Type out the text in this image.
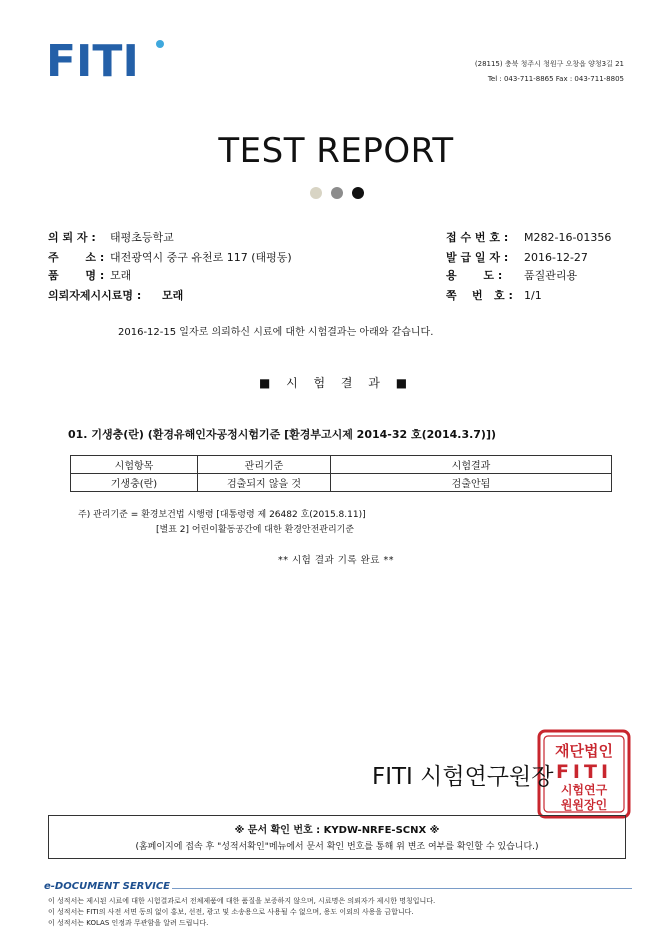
FITI	(28115) 충북 청주시 청원구 오창읍 양청3길 21
Tel : 043-711-8865 Fax : 043-711-8805
TEST REPORT
의 뢰 자 : 태평초등학교
주       소 : 대전광역시 중구 유천로 117 (태평동)
품       명 : 모래
의뢰자제시시료명 : 모래
접 수 번 호 : M282-16-01356
발 급 일 자 : 2016-12-27
용       도 : 품질관리용
쪽    번   호 : 1/1
2016-12-15 일자로 의뢰하신 시료에 대한 시험결과는 아래와 같습니다.
■ 시 험 결 과 ■
01. 기생충(란) (환경유해인자공정시험기준 [환경부고시제 2014-32 호(2014.3.7)])
시험항목	관리기준	시험결과
기생충(란)	검출되지 않을 것	검출안됨
주) 관리기준 = 환경보건법 시행령 [대통령령 제 26482 호(2015.8.11)]
[별표 2] 어린이활동공간에 대한 환경안전관리기준
** 시험 결과 기록 완료 **
재단법인
FITI
시험연구
원원장인
FITI 시험연구원장
※ 문서 확인 번호 : KYDW-NRFE-SCNX ※
(홈페이지에 접속 후 "성적서확인"메뉴에서 문서 확인 번호를 통해 위 변조 여부를 확인할 수 있습니다.)
e-DOCUMENT SERVICE
이 성적서는 제시된 시료에 대한 시험결과로서 전체제품에 대한 품질을 보증하지 않으며, 시료명은 의뢰자가 제시한 명칭입니다.
이 성적서는 FITI의 사전 서면 동의 없이 홍보, 선전, 광고 및 소송용으로 사용될 수 없으며, 용도 이외의 사용을 금합니다.
이 성적서는 KOLAS 인정과 무관함을 알려 드립니다.
